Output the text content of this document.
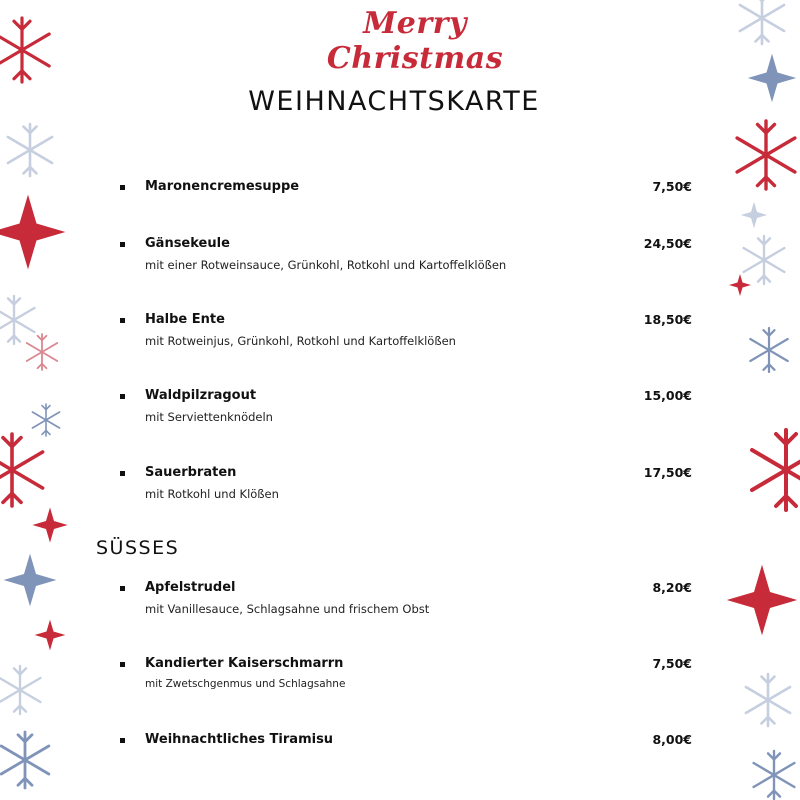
Merry Christmas
WEIHNACHTSKARTE
Maronencremesuppe	7,50€
Gänsekeule	24,50€
mit einer Rotweinsauce, Grünkohl, Rotkohl und Kartoffelklößen
Halbe Ente	18,50€
mit Rotweinjus, Grünkohl, Rotkohl und Kartoffelklößen
Waldpilzragout	15,00€
mit Serviettenknödeln
Sauerbraten	17,50€
mit Rotkohl und Klößen
SÜSSES
Apfelstrudel	8,20€
mit Vanillesauce, Schlagsahne und frischem Obst
Kandierter Kaiserschmarrn	7,50€
mit Zwetschgenmus und Schlagsahne
Weihnachtliches Tiramisu	8,00€
